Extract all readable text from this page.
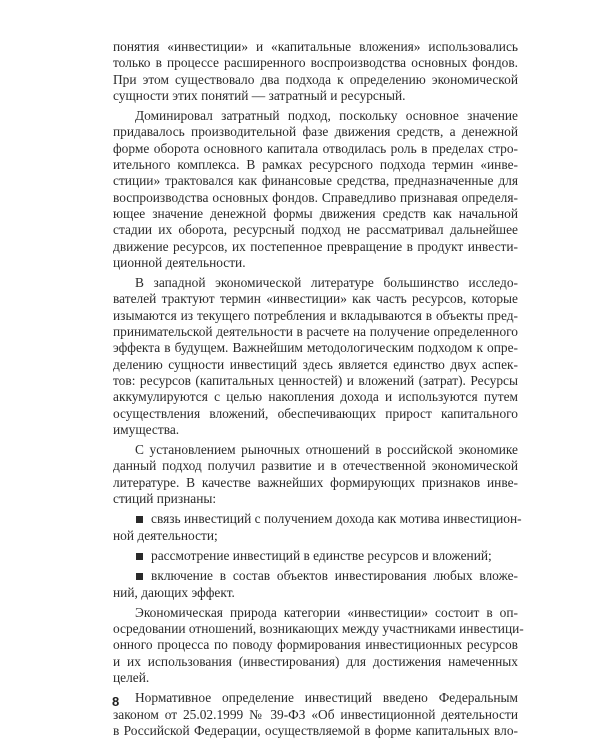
понятия «инвестиции» и «капитальные вложения» использовались
только в процессе расширенного воспроизводства основных фондов.
При этом существовало два подхода к определению экономической
сущности этих понятий — затратный и ресурсный.
Доминировал затратный подход, поскольку основное значение
придавалось производительной фазе движения средств, а денежной
форме оборота основного капитала отводилась роль в пределах стро-
ительного комплекса. В рамках ресурсного подхода термин «инве-
стиции» трактовался как финансовые средства, предназначенные для
воспроизводства основных фондов. Справедливо признавая определя-
ющее значение денежной формы движения средств как начальной
стадии их оборота, ресурсный подход не рассматривал дальнейшее
движение ресурсов, их постепенное превращение в продукт инвести-
ционной деятельности.
В западной экономической литературе большинство исследо-
вателей трактуют термин «инвестиции» как часть ресурсов, которые
изымаются из текущего потребления и вкладываются в объекты пред-
принимательской деятельности в расчете на получение определенного
эффекта в будущем. Важнейшим методологическим подходом к опре-
делению сущности инвестиций здесь является единство двух аспек-
тов: ресурсов (капитальных ценностей) и вложений (затрат). Ресурсы
аккумулируются с целью накопления дохода и используются путем
осуществления вложений, обеспечивающих прирост капитального
имущества.
С установлением рыночных отношений в российской экономике
данный подход получил развитие и в отечественной экономической
литературе. В качестве важнейших формирующих признаков инве-
стиций признаны:
связь инвестиций с получением дохода как мотива инвестицион-
ной деятельности;
рассмотрение инвестиций в единстве ресурсов и вложений;
включение в состав объектов инвестирования любых вложе-
ний, дающих эффект.
Экономическая природа категории «инвестиции» состоит в оп-
осредовании отношений, возникающих между участниками инвестици-
онного процесса по поводу формирования инвестиционных ресурсов
и их использования (инвестирования) для достижения намеченных
целей.
Нормативное определение инвестиций введено Федеральным
законом от 25.02.1999 № 39-ФЗ «Об инвестиционной деятельности
в Российской Федерации, осуществляемой в форме капитальных вло-
8
